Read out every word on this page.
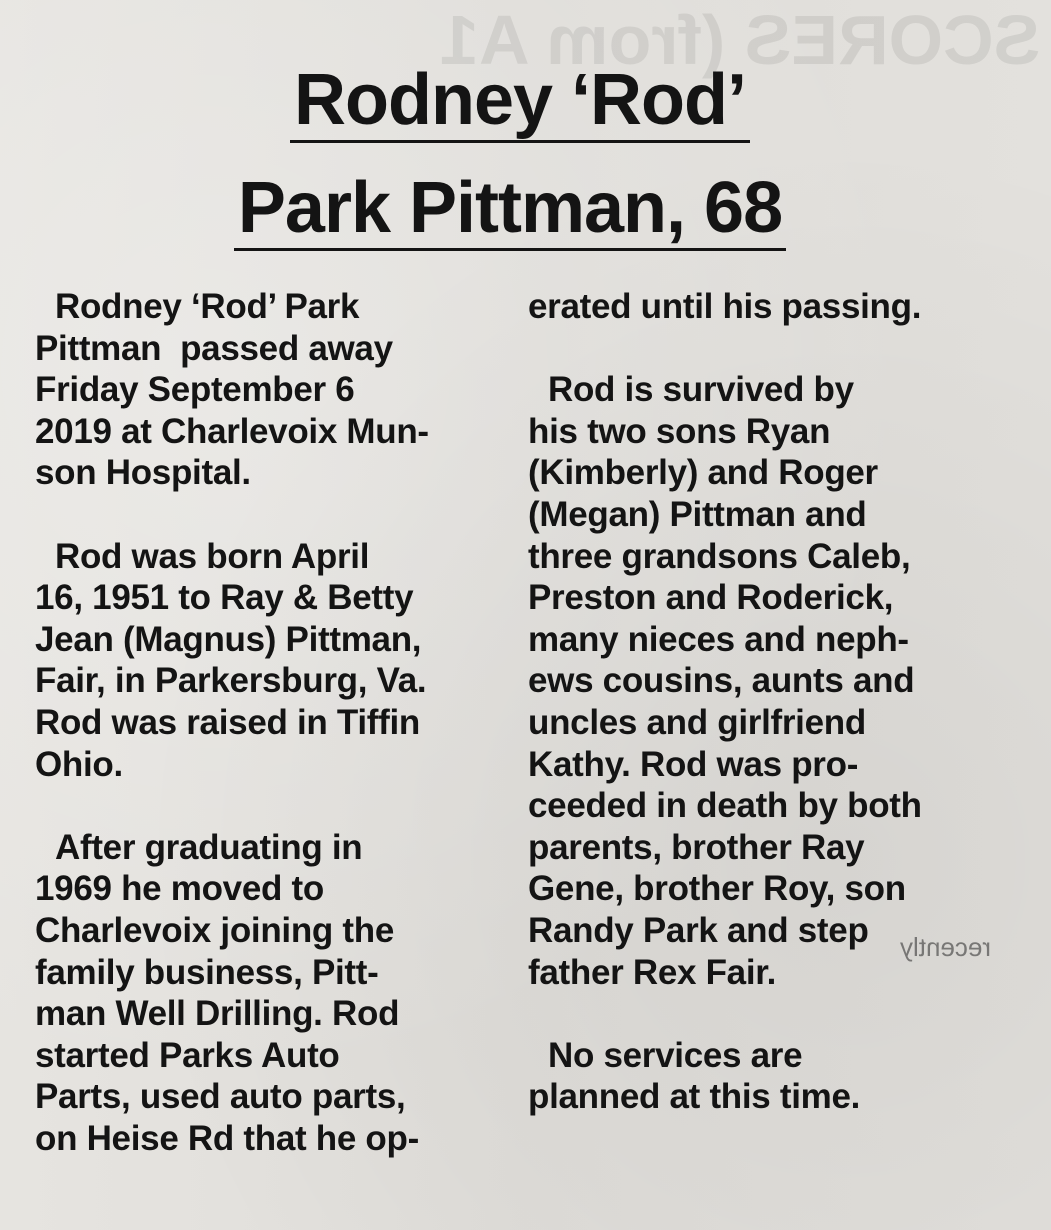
SCORES (from A1
recently
Rodney ‘Rod’
Park Pittman, 68
Rodney ‘Rod’ Park
Pittman  passed away
Friday September 6
2019 at Charlevoix Mun-
son Hospital.
Rod was born April
16, 1951 to Ray & Betty
Jean (Magnus) Pittman,
Fair, in Parkersburg, Va.
Rod was raised in Tiffin
Ohio.
After graduating in
1969 he moved to
Charlevoix joining the
family business, Pitt-
man Well Drilling. Rod
started Parks Auto
Parts, used auto parts,
on Heise Rd that he op-
erated until his passing.
Rod is survived by
his two sons Ryan
(Kimberly) and Roger
(Megan) Pittman and
three grandsons Caleb,
Preston and Roderick,
many nieces and neph-
ews cousins, aunts and
uncles and girlfriend
Kathy. Rod was pro-
ceeded in death by both
parents, brother Ray
Gene, brother Roy, son
Randy Park and step
father Rex Fair.
No services are
planned at this time.
